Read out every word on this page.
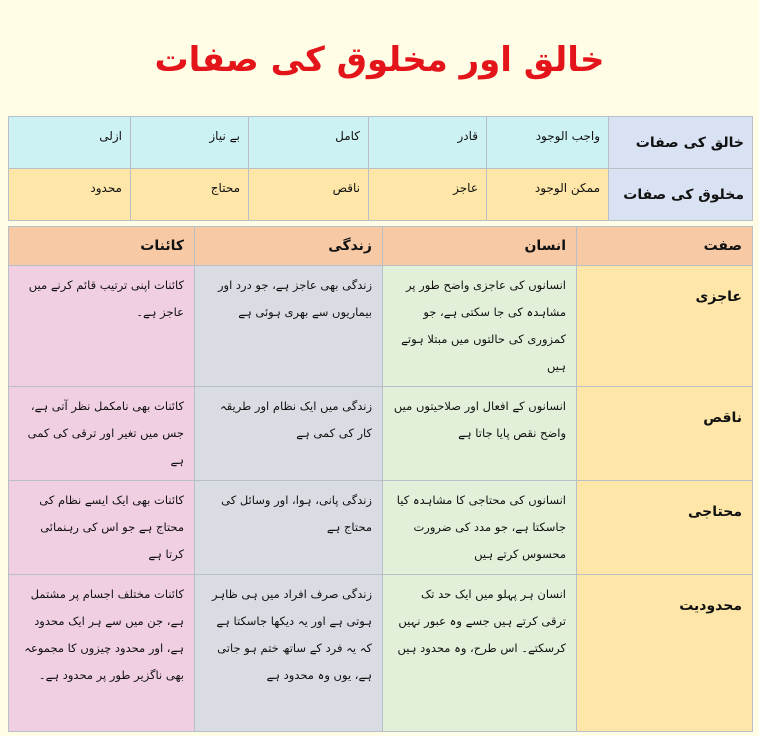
خالق اور مخلوق کی صفات
خالق کی صفات	واجب الوجود	قادر	کامل	بے نیاز	ازلی

مخلوق کی صفات	ممکن الوجود	عاجز	ناقص	محتاج	محدود
صفت	انسان	زندگی	کائنات
عاجزی	انسانوں کی عاجزی واضح طور پر مشاہدہ کی جا سکتی ہے، جو کمزوری کی حالتوں میں مبتلا ہوتے ہیں	زندگی بھی عاجز ہے، جو درد اور بیماریوں سے بھری ہوئی ہے	کائنات اپنی ترتیب قائم کرنے میں عاجز ہے۔
ناقص	انسانوں کے افعال اور صلاحیتوں میں واضح نقص پایا جاتا ہے	زندگی میں ایک نظام اور طریقہ کار کی کمی ہے	کائنات بھی نامکمل نظر آتی ہے، جس میں تغیر اور ترقی کی کمی ہے
محتاجی	انسانوں کی محتاجی کا مشاہدہ کیا جاسکتا ہے، جو مدد کی ضرورت محسوس کرتے ہیں	زندگی پانی، ہوا، اور وسائل کی محتاج ہے	کائنات بھی ایک ایسے نظام کی محتاج ہے جو اس کی رہنمائی کرتا ہے
محدودیت	انسان ہر پہلو میں ایک حد تک ترقی کرتے ہیں جسے وہ عبور نہیں کرسکتے۔ اس طرح، وہ محدود ہیں	زندگی صرف افراد میں ہی ظاہر ہوتی ہے اور یہ دیکھا جاسکتا ہے کہ یہ فرد کے ساتھ ختم ہو جاتی ہے، یوں وہ محدود ہے	کائنات مختلف اجسام پر مشتمل ہے، جن میں سے ہر ایک محدود ہے، اور محدود چیزوں کا مجموعہ بھی ناگزیر طور پر محدود ہے۔
